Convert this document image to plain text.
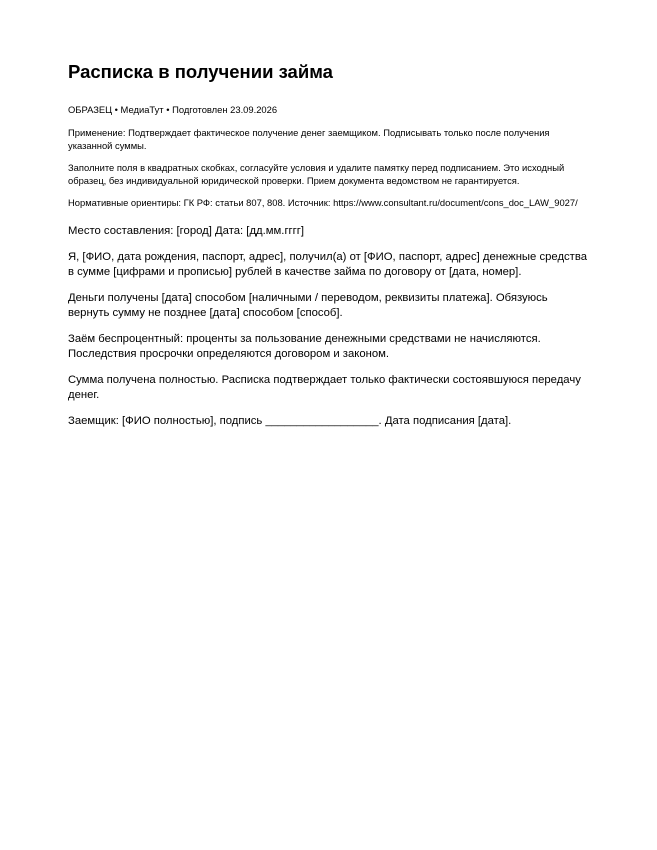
Расписка в получении займа

ОБРАЗЕЦ • МедиаТут • Подготовлен 23.09.2026

Применение: Подтверждает фактическое получение денег заемщиком. Подписывать только после получения указанной суммы.

Заполните поля в квадратных скобках, согласуйте условия и удалите памятку перед подписанием. Это исходный образец, без индивидуальной юридической проверки. Прием документа ведомством не гарантируется.

Нормативные ориентиры: ГК РФ: статьи 807, 808. Источник: https://www.consultant.ru/document/cons_doc_LAW_9027/

Место составления: [город] Дата: [дд.мм.гггг]

Я, [ФИО, дата рождения, паспорт, адрес], получил(а) от [ФИО, паспорт, адрес] денежные средства в сумме [цифрами и прописью] рублей в качестве займа по договору от [дата, номер].

Деньги получены [дата] способом [наличными / переводом, реквизиты платежа]. Обязуюсь вернуть сумму не позднее [дата] способом [способ].

Заём беспроцентный: проценты за пользование денежными средствами не начисляются. Последствия просрочки определяются договором и законом.

Сумма получена полностью. Расписка подтверждает только фактически состоявшуюся передачу денег.

Заемщик: [ФИО полностью], подпись __________________. Дата подписания [дата].
